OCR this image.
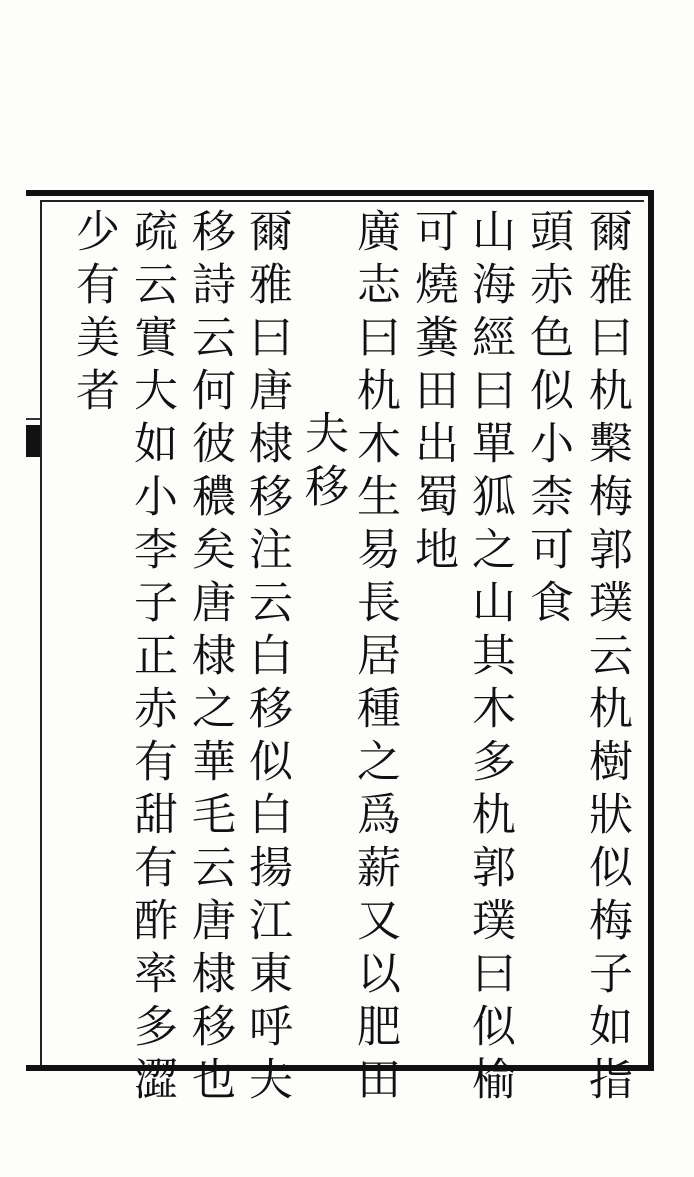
爾雅曰朹檕梅郭璞云朹樹狀似梅子如指
頭赤色似小柰可食
山海經曰單狐之山其木多朹郭璞曰似榆
可燒糞田出蜀地
廣志曰朹木生易長居種之爲薪又以肥田
夫移
爾雅曰唐棣移注云白移似白揚江東呼夫
移詩云何彼穠矣唐棣之華毛云唐棣移也
疏云實大如小李子正赤有甜有酢率多澀
少有美者
